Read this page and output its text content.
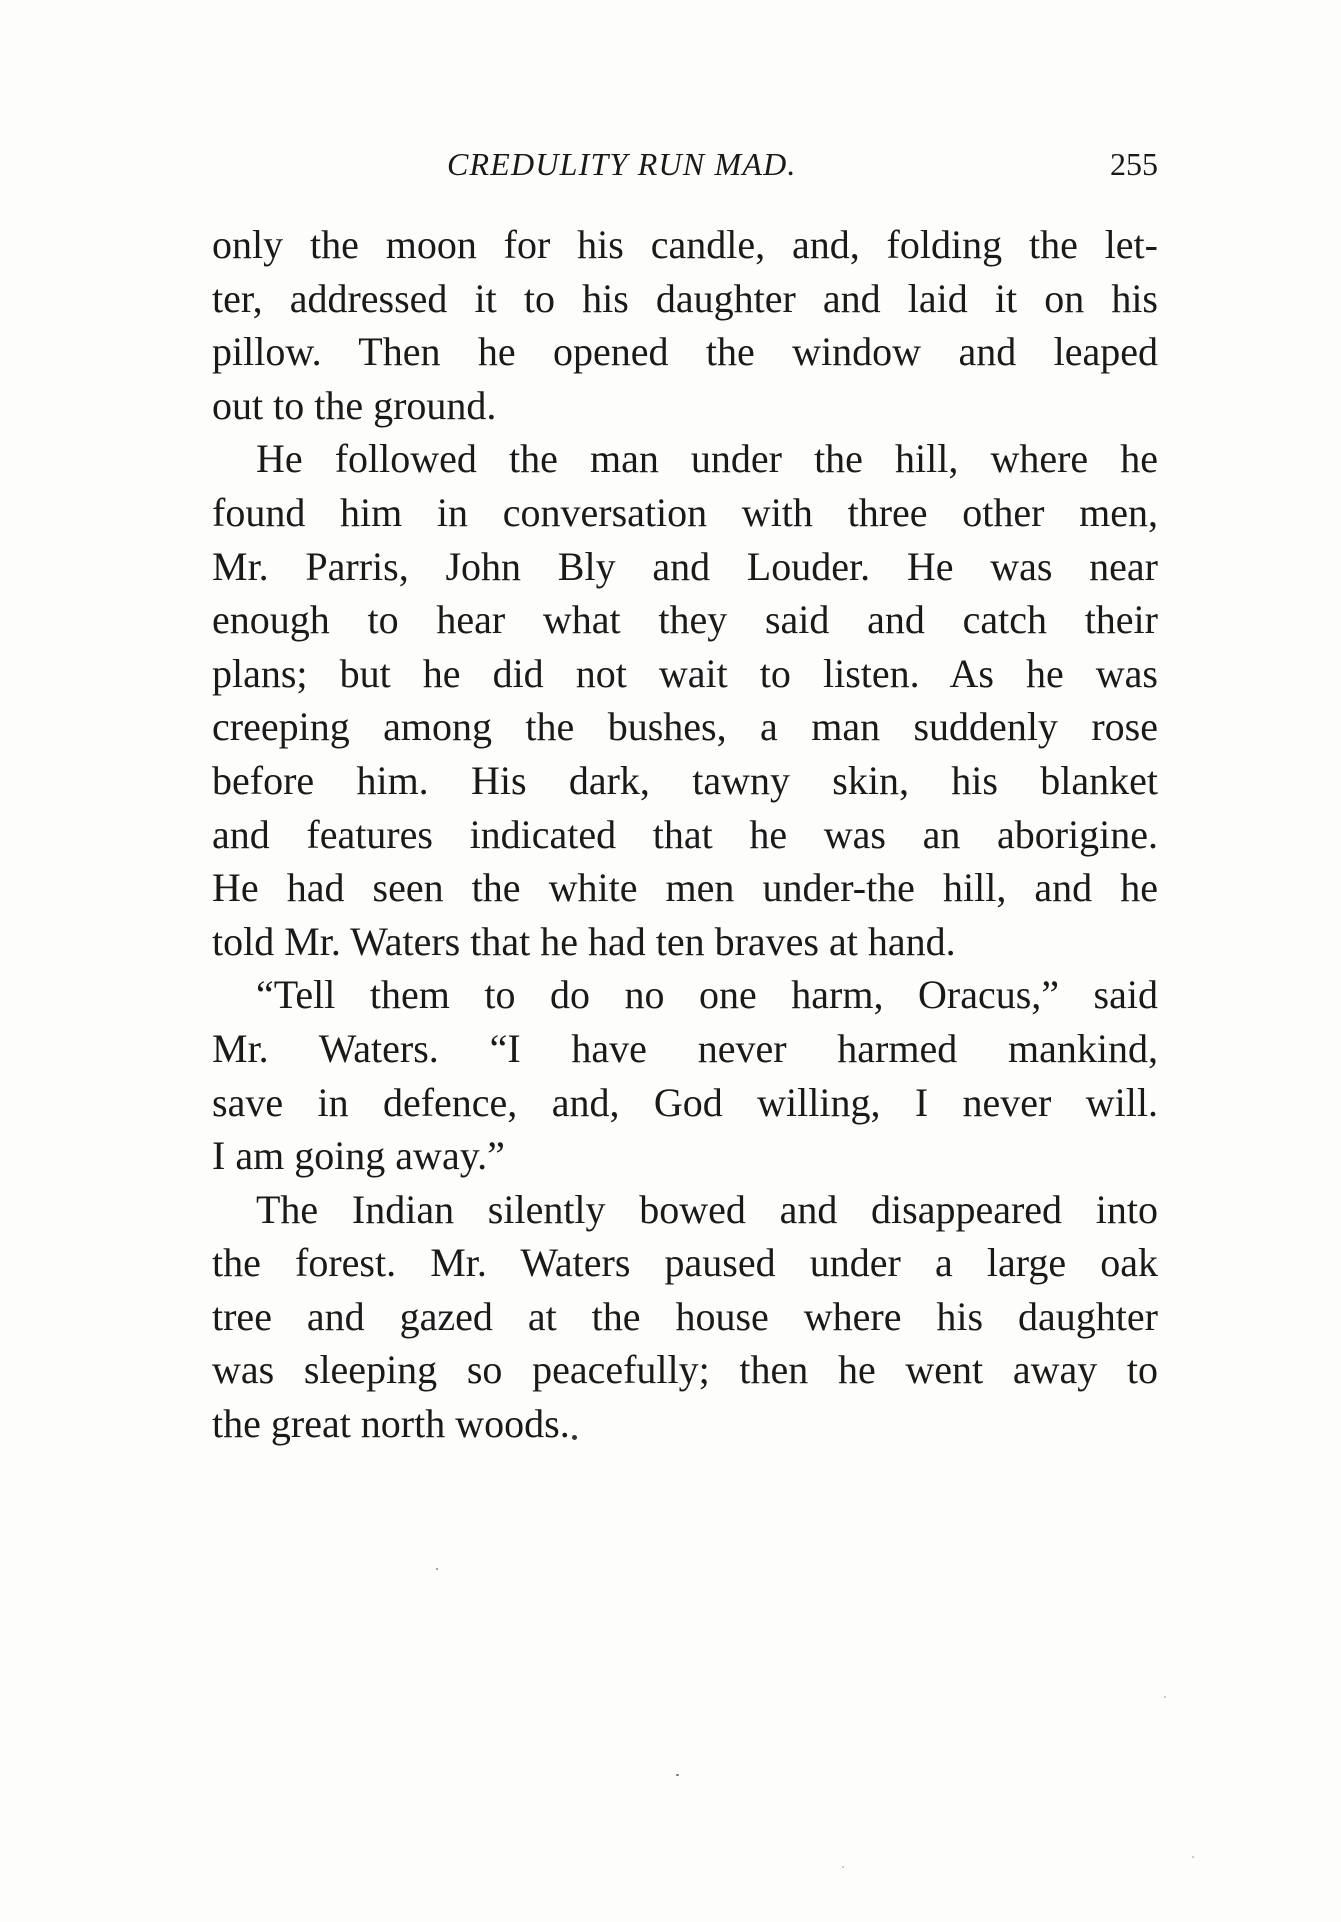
CREDULITY RUN MAD.	255
only the moon for his candle, and, folding the let-
ter, addressed it to his daughter and laid it on his
pillow. Then he opened the window and leaped
out to the ground.
He followed the man under the hill, where he
found him in conversation with three other men,
Mr. Parris, John Bly and Louder. He was near
enough to hear what they said and catch their
plans; but he did not wait to listen. As he was
creeping among the bushes, a man suddenly rose
before him. His dark, tawny skin, his blanket
and features indicated that he was an aborigine.
He had seen the white men under-the hill, and he
told Mr. Waters that he had ten braves at hand.
“Tell them to do no one harm, Oracus,” said
Mr. Waters. “I have never harmed mankind,
save in defence, and, God willing, I never will.
I am going away.”
The Indian silently bowed and disappeared into
the forest. Mr. Waters paused under a large oak
tree and gazed at the house where his daughter
was sleeping so peacefully; then he went away to
the great north woods.
